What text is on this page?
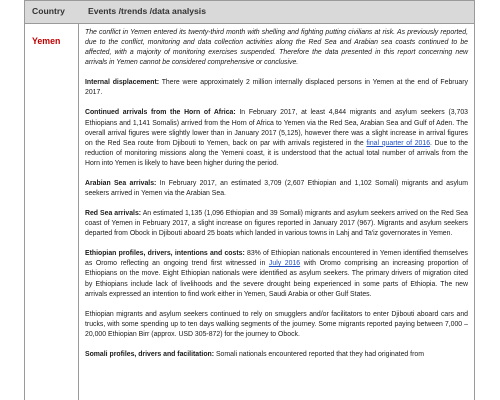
Country	Events /trends /data analysis
Yemen

The conflict in Yemen entered its twenty-third month with shelling and fighting putting civilians at risk. As previously reported, due to the conflict, monitoring and data collection activities along the Red Sea and Arabian sea coasts continued to be affected, with a majority of monitoring exercises suspended. Therefore the data presented in this report concerning new arrivals in Yemen cannot be considered comprehensive or conclusive.

Internal displacement: There were approximately 2 million internally displaced persons in Yemen at the end of February 2017.

Continued arrivals from the Horn of Africa: In February 2017, at least 4,844 migrants and asylum seekers (3,703 Ethiopians and 1,141 Somalis) arrived from the Horn of Africa to Yemen via the Red Sea, Arabian Sea and Gulf of Aden. The overall arrival figures were slightly lower than in January 2017 (5,125), however there was a slight increase in arrival figures on the Red Sea route from Djibouti to Yemen, back on par with arrivals registered in the final quarter of 2016. Due to the reduction of monitoring missions along the Yemeni coast, it is understood that the actual total number of arrivals from the Horn into Yemen is likely to have been higher during the period.

Arabian Sea arrivals: In February 2017, an estimated 3,709 (2,607 Ethiopian and 1,102 Somali) migrants and asylum seekers arrived in Yemen via the Arabian Sea.

Red Sea arrivals: An estimated 1,135 (1,096 Ethiopian and 39 Somali) migrants and asylum seekers arrived on the Red Sea coast of Yemen in February 2017, a slight increase on figures reported in January 2017 (967). Migrants and asylum seekers departed from Obock in Djibouti aboard 25 boats which landed in various towns in Lahj and Ta'iz governorates in Yemen.

Ethiopian profiles, drivers, intentions and costs: 83% of Ethiopian nationals encountered in Yemen identified themselves as Oromo reflecting an ongoing trend first witnessed in July 2016 with Oromo comprising an increasing proportion of Ethiopians on the move. Eight Ethiopian nationals were identified as asylum seekers. The primary drivers of migration cited by Ethiopians include lack of livelihoods and the severe drought being experienced in some parts of Ethiopia. The new arrivals expressed an intention to find work either in Yemen, Saudi Arabia or other Gulf States.

Ethiopian migrants and asylum seekers continued to rely on smugglers and/or facilitators to enter Djibouti aboard cars and trucks, with some spending up to ten days walking segments of the journey. Some migrants reported paying between 7,000 – 20,000 Ethiopian Birr (approx. USD 305-872) for the journey to Obock.

Somali profiles, drivers and facilitation: Somali nationals encountered reported that they had originated from
